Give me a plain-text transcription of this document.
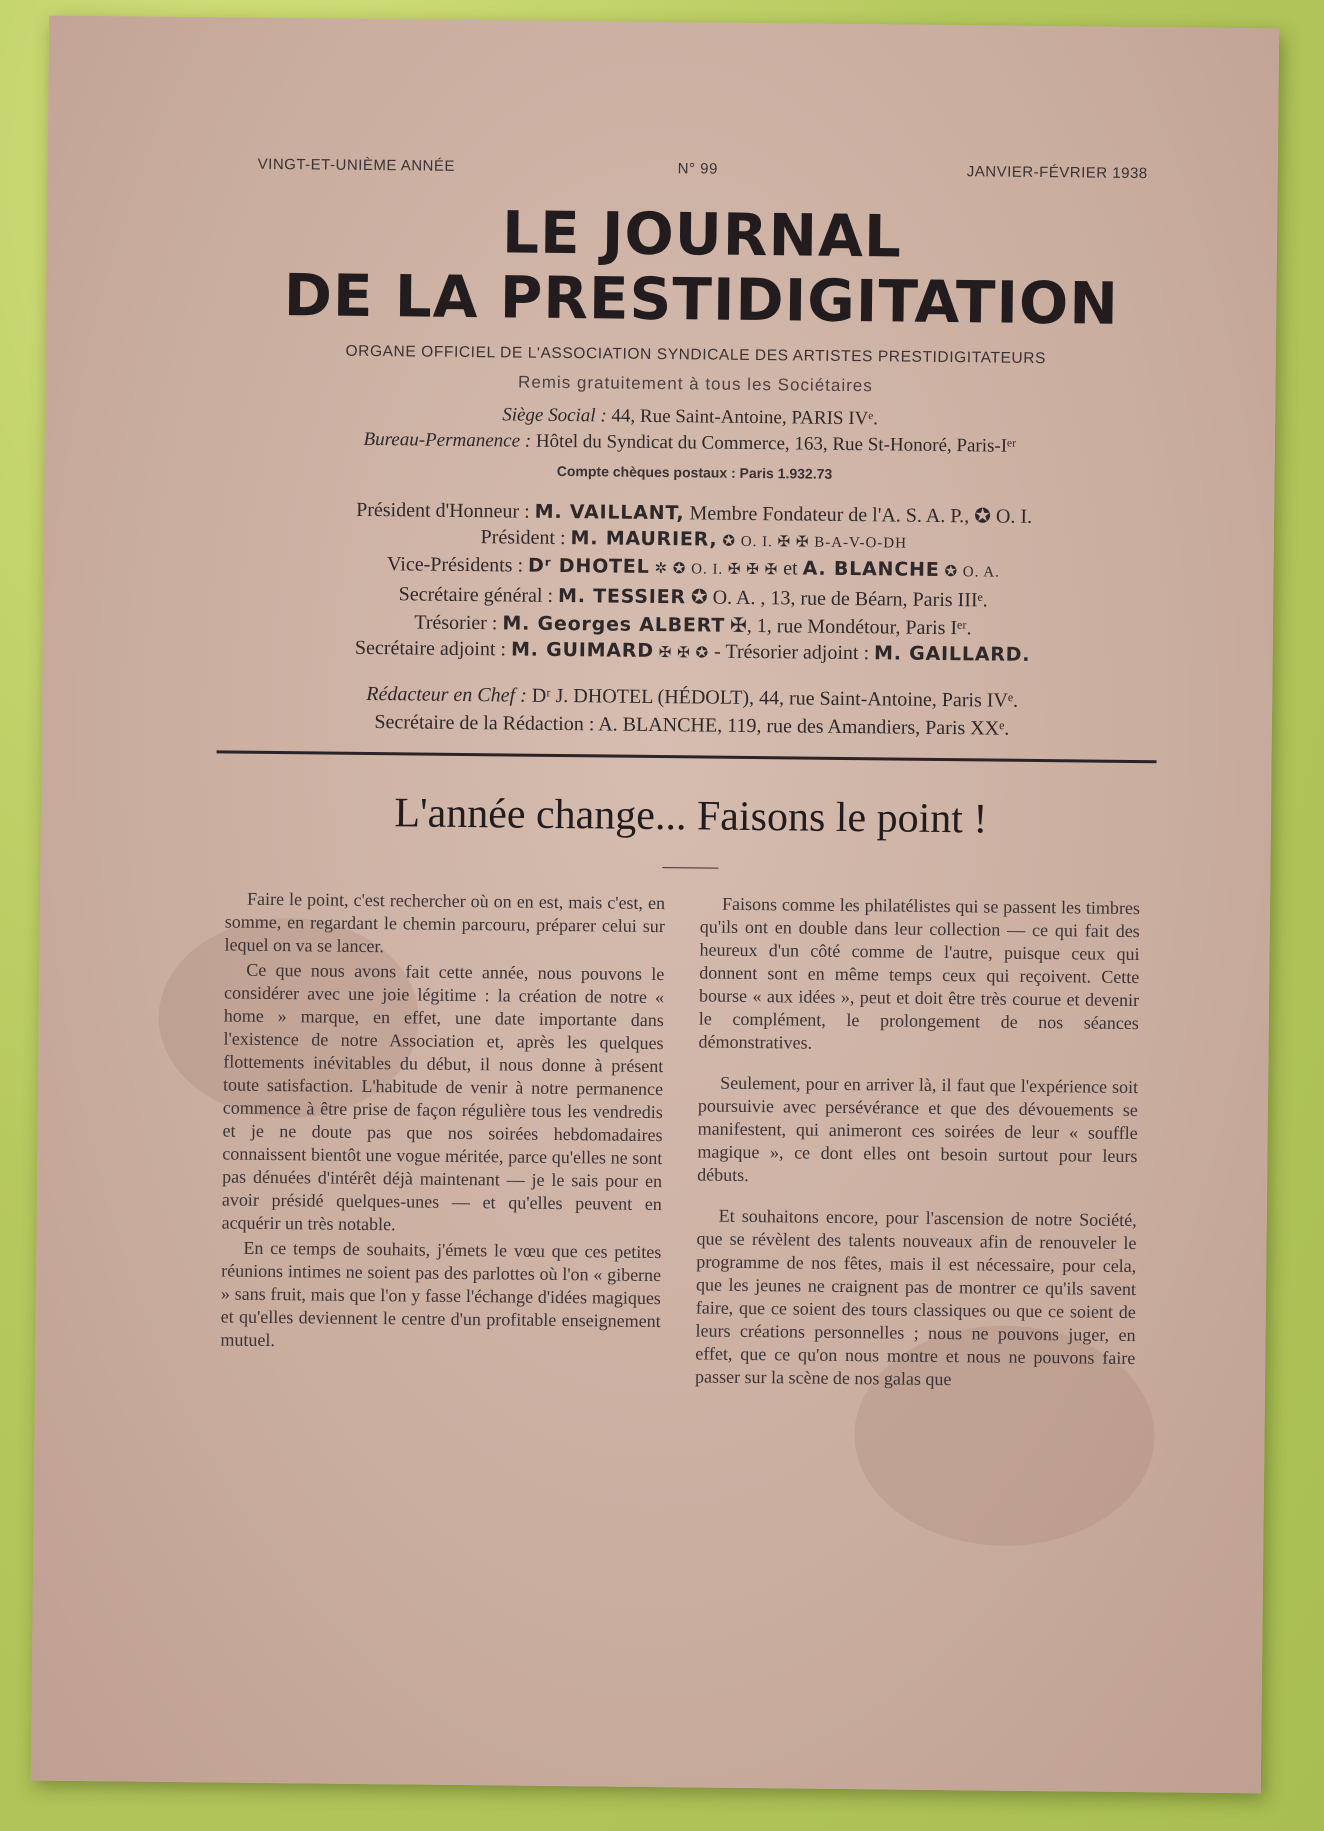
VINGT-ET-UNIÈME ANNÉE	N° 99	JANVIER-FÉVRIER 1938
LE JOURNAL
DE LA PRESTIDIGITATION
ORGANE OFFICIEL DE L'ASSOCIATION SYNDICALE DES ARTISTES PRESTIDIGITATEURS
Remis gratuitement à tous les Sociétaires
Siège Social : 44, Rue Saint-Antoine, PARIS IVᵉ.
Bureau-Permanence : Hôtel du Syndicat du Commerce, 163, Rue St-Honoré, Paris-Iᵉʳ
Compte chèques postaux : Paris 1.932.73
Président d'Honneur : M. VAILLANT, Membre Fondateur de l'A. S. A. P., ✪ O. I.
Président : M. MAURIER, ✪ O. I. ✠ ✠ B-A-V-O-DH
Vice-Présidents : Dʳ DHOTEL ✲ ✪ O. I. ✠ ✠ ✠ et A. BLANCHE ✪ O. A.
Secrétaire général : M. TESSIER ✪ O. A. , 13, rue de Béarn, Paris IIIᵉ.
Trésorier : M. Georges ALBERT ✠, 1, rue Mondétour, Paris Iᵉʳ.
Secrétaire adjoint : M. GUIMARD ✠ ✠ ✪ - Trésorier adjoint : M. GAILLARD.
Rédacteur en Chef : Dʳ J. DHOTEL (HÉDOLT), 44, rue Saint-Antoine, Paris IVᵉ.
Secrétaire de la Rédaction : A. BLANCHE, 119, rue des Amandiers, Paris XXᵉ.
L'année change... Faisons le point !

Faire le point, c'est rechercher où on en est, mais c'est, en somme, en regardant le chemin parcouru, préparer celui sur lequel on va se lancer.

Ce que nous avons fait cette année, nous pouvons le considérer avec une joie légitime : la création de notre « home » marque, en effet, une date importante dans l'existence de notre Association et, après les quelques flottements inévitables du début, il nous donne à présent toute satisfaction. L'habitude de venir à notre permanence commence à être prise de façon régulière tous les vendredis et je ne doute pas que nos soirées hebdomadaires connaissent bientôt une vogue méritée, parce qu'elles ne sont pas dénuées d'intérêt déjà maintenant — je le sais pour en avoir présidé quelques-unes — et qu'elles peuvent en acquérir un très notable.

En ce temps de souhaits, j'émets le vœu que ces petites réunions intimes ne soient pas des parlottes où l'on « giberne » sans fruit, mais que l'on y fasse l'échange d'idées magiques et qu'elles deviennent le centre d'un profitable enseignement mutuel.

Faisons comme les philatélistes qui se passent les timbres qu'ils ont en double dans leur collection — ce qui fait des heureux d'un côté comme de l'autre, puisque ceux qui donnent sont en même temps ceux qui reçoivent. Cette bourse « aux idées », peut et doit être très courue et devenir le complément, le prolongement de nos séances démonstratives.

Seulement, pour en arriver là, il faut que l'expérience soit poursuivie avec persévérance et que des dévouements se manifestent, qui animeront ces soirées de leur « souffle magique », ce dont elles ont besoin surtout pour leurs débuts.

Et souhaitons encore, pour l'ascension de notre Société, que se révèlent des talents nouveaux afin de renouveler le programme de nos fêtes, mais il est nécessaire, pour cela, que les jeunes ne craignent pas de montrer ce qu'ils savent faire, que ce soient des tours classiques ou que ce soient de leurs créations personnelles ; nous ne pouvons juger, en effet, que ce qu'on nous montre et nous ne pouvons faire passer sur la scène de nos galas que
